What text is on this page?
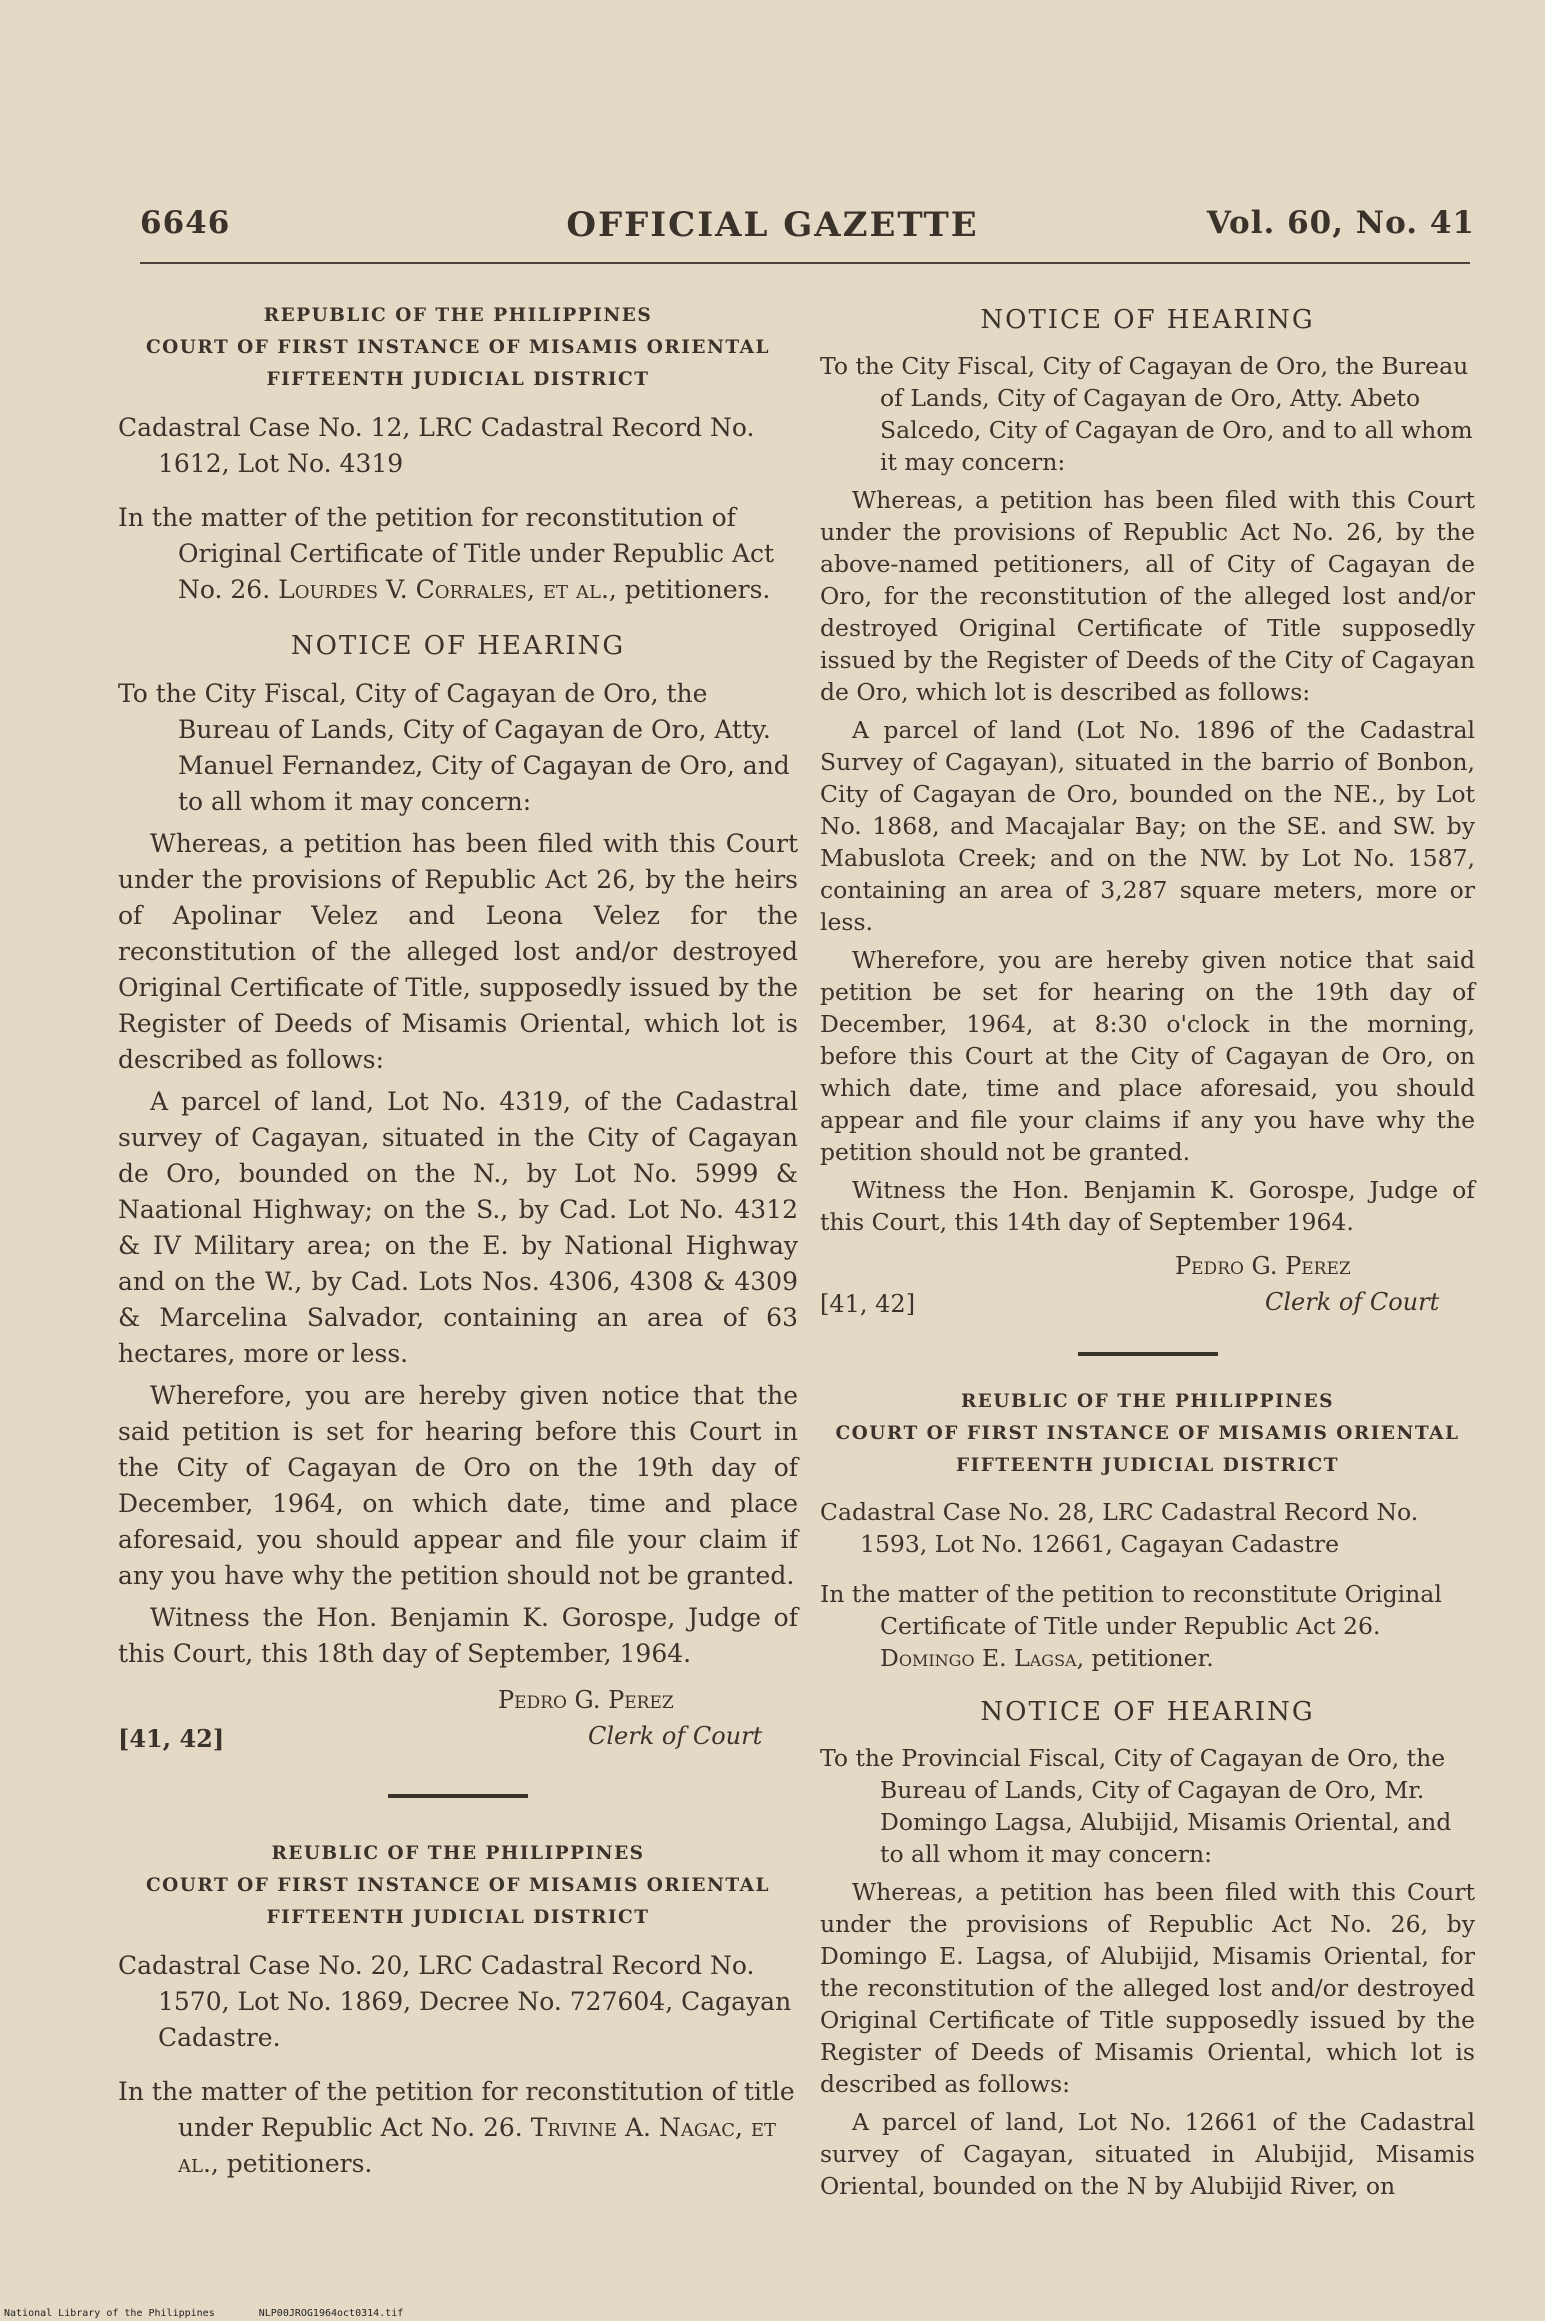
6646	OFFICIAL GAZETTE	Vol. 60, No. 41
REPUBLIC OF THE PHILIPPINES
COURT OF FIRST INSTANCE OF MISAMIS ORIENTAL
FIFTEENTH JUDICIAL DISTRICT
Cadastral Case No. 12, LRC Cadastral Record No. 1612, Lot No. 4319
In the matter of the petition for reconstitution of Original Certificate of Title under Republic Act No. 26. Lourdes V. Corrales, et al., petitioners.
NOTICE OF HEARING
To the City Fiscal, City of Cagayan de Oro, the Bureau of Lands, City of Cagayan de Oro, Atty. Manuel Fernandez, City of Cagayan de Oro, and to all whom it may concern:
Whereas, a petition has been filed with this Court under the provisions of Republic Act 26, by the heirs of Apolinar Velez and Leona Velez for the reconstitution of the alleged lost and/or destroyed Original Certificate of Title, supposedly issued by the Register of Deeds of Misamis Oriental, which lot is described as follows:
A parcel of land, Lot No. 4319, of the Cadastral survey of Cagayan, situated in the City of Cagayan de Oro, bounded on the N., by Lot No. 5999 & Naational Highway; on the S., by Cad. Lot No. 4312 & IV Military area; on the E. by National Highway and on the W., by Cad. Lots Nos. 4306, 4308 & 4309 & Marcelina Salvador, containing an area of 63 hectares, more or less.
Wherefore, you are hereby given notice that the said petition is set for hearing before this Court in the City of Cagayan de Oro on the 19th day of December, 1964, on which date, time and place aforesaid, you should appear and file your claim if any you have why the petition should not be granted.
Witness the Hon. Benjamin K. Gorospe, Judge of this Court, this 18th day of September, 1964.
[41, 42]
Pedro G. Perez
Clerk of Court
REUBLIC OF THE PHILIPPINES
COURT OF FIRST INSTANCE OF MISAMIS ORIENTAL
FIFTEENTH JUDICIAL DISTRICT
Cadastral Case No. 20, LRC Cadastral Record No. 1570, Lot No. 1869, Decree No. 727604, Cagayan Cadastre.
In the matter of the petition for reconstitution of title under Republic Act No. 26. Trivine A. Nagac, et al., petitioners.
NOTICE OF HEARING
To the City Fiscal, City of Cagayan de Oro, the Bureau of Lands, City of Cagayan de Oro, Atty. Abeto Salcedo, City of Cagayan de Oro, and to all whom it may concern:
Whereas, a petition has been filed with this Court under the provisions of Republic Act No. 26, by the above-named petitioners, all of City of Cagayan de Oro, for the reconstitution of the alleged lost and/or destroyed Original Certificate of Title supposedly issued by the Register of Deeds of the City of Cagayan de Oro, which lot is described as follows:
A parcel of land (Lot No. 1896 of the Cadastral Survey of Cagayan), situated in the barrio of Bonbon, City of Cagayan de Oro, bounded on the NE., by Lot No. 1868, and Macajalar Bay; on the SE. and SW. by Mabuslota Creek; and on the NW. by Lot No. 1587, containing an area of 3,287 square meters, more or less.
Wherefore, you are hereby given notice that said petition be set for hearing on the 19th day of December, 1964, at 8:30 o'clock in the morning, before this Court at the City of Cagayan de Oro, on which date, time and place aforesaid, you should appear and file your claims if any you have why the petition should not be granted.
Witness the Hon. Benjamin K. Gorospe, Judge of this Court, this 14th day of September 1964.
[41, 42]
Pedro G. Perez
Clerk of Court
REUBLIC OF THE PHILIPPINES
COURT OF FIRST INSTANCE OF MISAMIS ORIENTAL
FIFTEENTH JUDICIAL DISTRICT
Cadastral Case No. 28, LRC Cadastral Record No. 1593, Lot No. 12661, Cagayan Cadastre
In the matter of the petition to reconstitute Original Certificate of Title under Republic Act 26. Domingo E. Lagsa, petitioner.
NOTICE OF HEARING
To the Provincial Fiscal, City of Cagayan de Oro, the Bureau of Lands, City of Cagayan de Oro, Mr. Domingo Lagsa, Alubijid, Misamis Oriental, and to all whom it may concern:
Whereas, a petition has been filed with this Court under the provisions of Republic Act No. 26, by Domingo E. Lagsa, of Alubijid, Misamis Oriental, for the reconstitution of the alleged lost and/or destroyed Original Certificate of Title supposedly issued by the Register of Deeds of Misamis Oriental, which lot is described as follows:
A parcel of land, Lot No. 12661 of the Cadastral survey of Cagayan, situated in Alubijid, Misamis Oriental, bounded on the N by Alubijid River, on
National Library of the Philippines	NLP00JROG1964oct0314.tif
